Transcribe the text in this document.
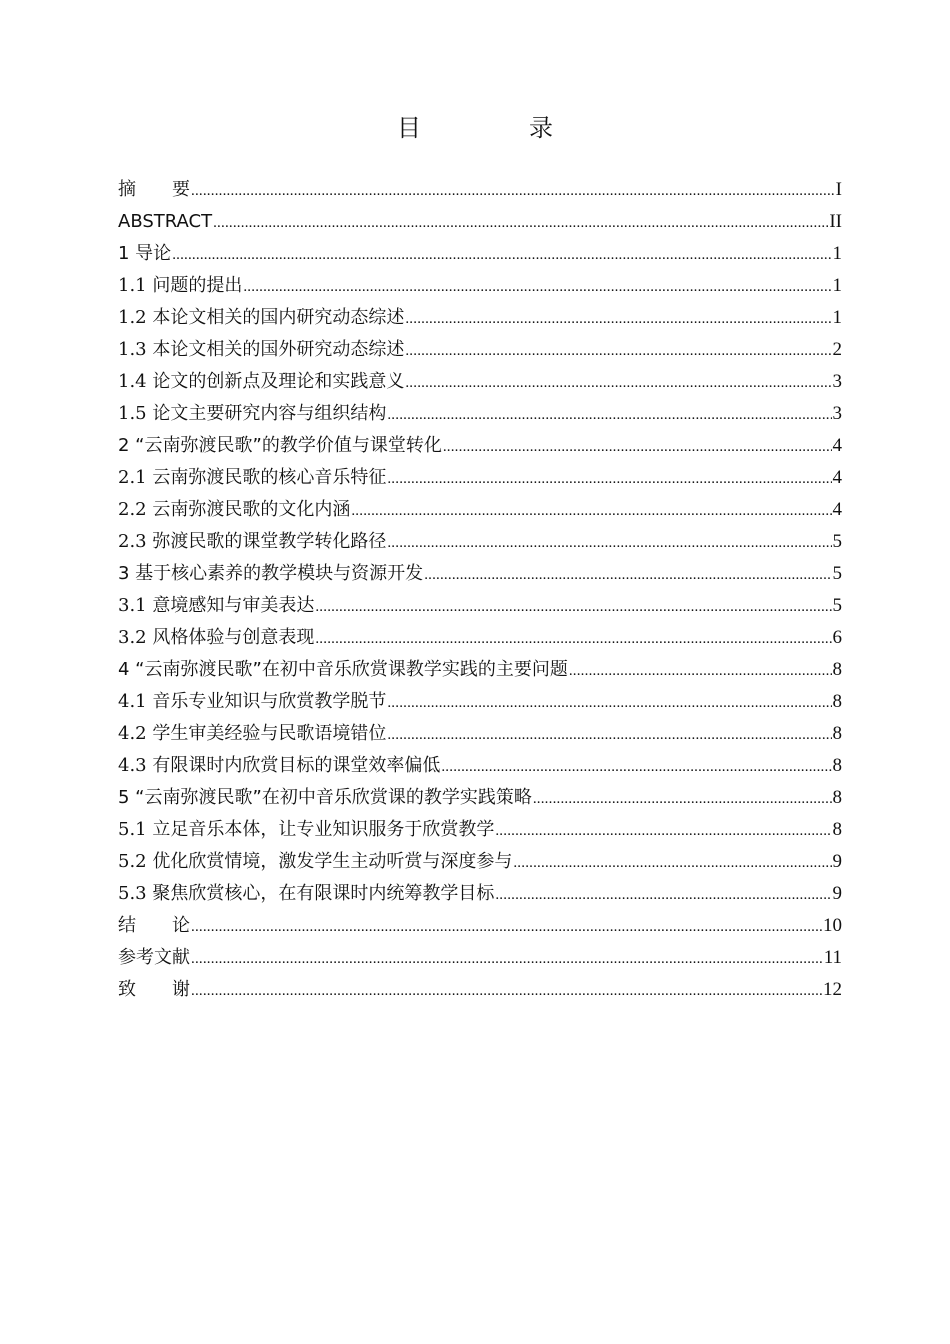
目　录
摘　　要 .....	I
ABSTRACT .....	II
1 导论 .....	1
1.1 问题的提出 .....	1
1.2 本论文相关的国内研究动态综述 .....	1
1.3 本论文相关的国外研究动态综述 .....	2
1.4 论文的创新点及理论和实践意义 .....	3
1.5 论文主要研究内容与组织结构 .....	3
2 “云南弥渡民歌”的教学价值与课堂转化 .....	4
2.1 云南弥渡民歌的核心音乐特征 .....	4
2.2 云南弥渡民歌的文化内涵 .....	4
2.3 弥渡民歌的课堂教学转化路径 .....	5
3 基于核心素养的教学模块与资源开发 .....	5
3.1 意境感知与审美表达 .....	5
3.2 风格体验与创意表现 .....	6
4 “云南弥渡民歌”在初中音乐欣赏课教学实践的主要问题 .....	8
4.1 音乐专业知识与欣赏教学脱节 .....	8
4.2 学生审美经验与民歌语境错位 .....	8
4.3 有限课时内欣赏目标的课堂效率偏低 .....	8
5 “云南弥渡民歌”在初中音乐欣赏课的教学实践策略 .....	8
5.1 立足音乐本体，让专业知识服务于欣赏教学 .....	8
5.2 优化欣赏情境，激发学生主动听赏与深度参与 .....	9
5.3 聚焦欣赏核心，在有限课时内统筹教学目标 .....	9
结　　论 .....	10
参考文献 .....	11
致　　谢 .....	12
